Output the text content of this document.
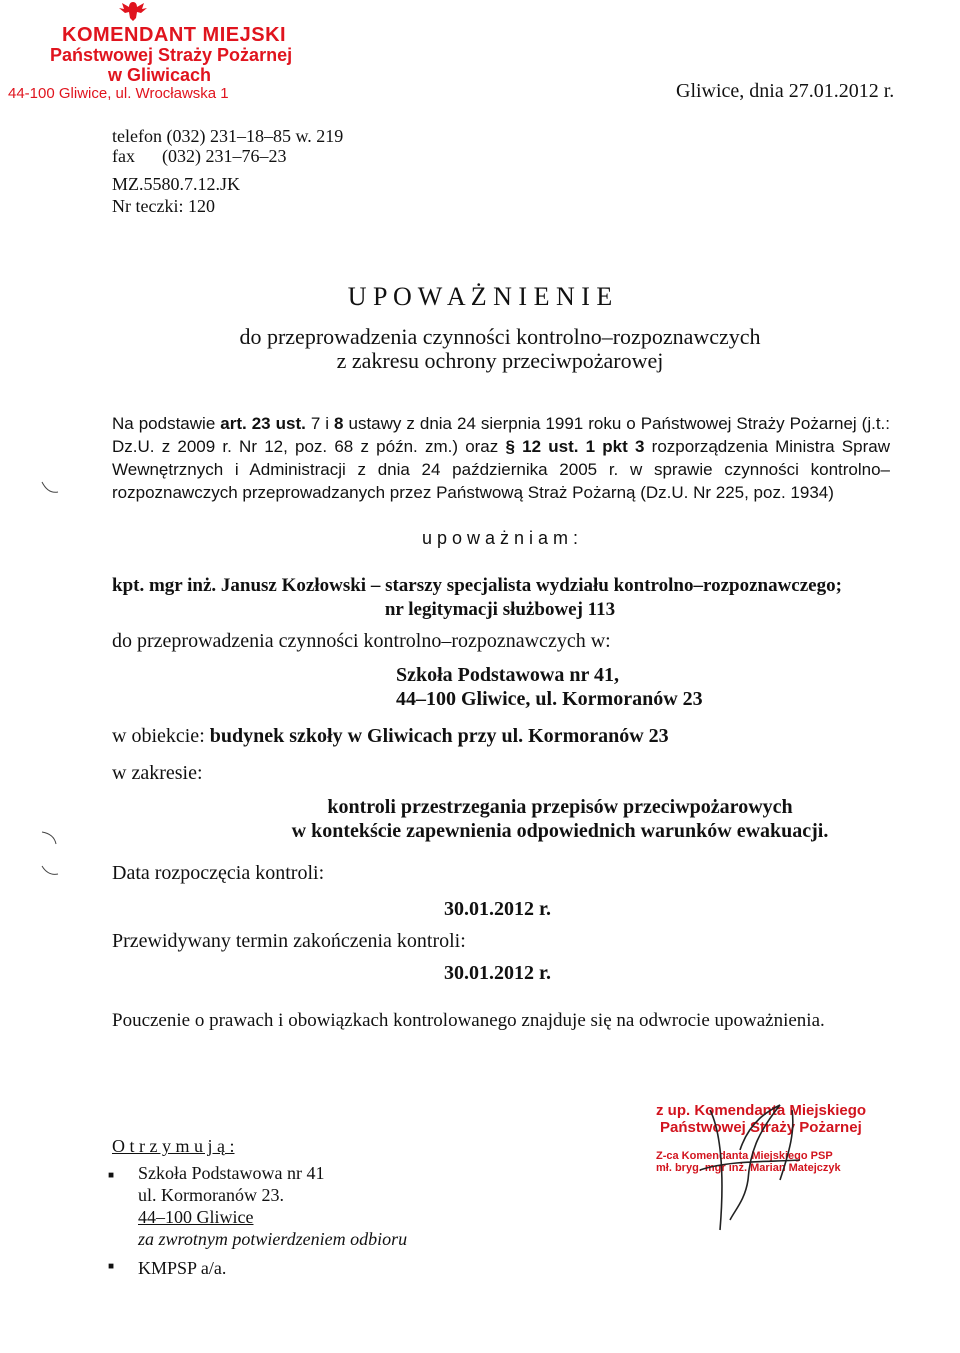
KOMENDANT MIEJSKI
Państwowej Straży Pożarnej
w Gliwicach
44-100 Gliwice, ul. Wrocławska 1	Gliwice, dnia 27.01.2012 r.
telefon (032) 231–18–85 w. 219
fax      (032) 231–76–23
MZ.5580.7.12.JK
Nr teczki: 120
U P O W A Ż N I E N I E
do przeprowadzenia czynności kontrolno–rozpoznawczych
z zakresu ochrony przeciwpożarowej
Na podstawie art. 23 ust. 7 i 8 ustawy z dnia 24 sierpnia 1991 roku o Państwowej Straży Pożarnej (j.t.: Dz.U. z 2009 r. Nr 12, poz. 68 z późn. zm.) oraz § 12 ust. 1 pkt 3 rozporządzenia Ministra Spraw Wewnętrznych i Administracji z dnia 24 października 2005 r. w sprawie czynności kontrolno–rozpoznawczych przeprowadzanych przez Państwową Straż Pożarną (Dz.U. Nr 225, poz. 1934)
u p o w a ż n i a m :
kpt. mgr inż. Janusz Kozłowski – starszy specjalista wydziału kontrolno–rozpoznawczego;
nr legitymacji służbowej 113
do przeprowadzenia czynności kontrolno–rozpoznawczych w:
Szkoła Podstawowa nr 41,
44–100 Gliwice, ul. Kormoranów 23
w obiekcie: budynek szkoły w Gliwicach przy ul. Kormoranów 23
w zakresie:
kontroli przestrzegania przepisów przeciwpożarowych
w kontekście zapewnienia odpowiednich warunków ewakuacji.
Data rozpoczęcia kontroli:
30.01.2012 r.
Przewidywany termin zakończenia kontroli:
30.01.2012 r.
Pouczenie o prawach i obowiązkach kontrolowanego znajduje się na odwrocie upoważnienia.
z up. Komendanta Miejskiego
Państwowej Straży Pożarnej
Z-ca Komendanta Miejskiego PSP
mł. bryg. mgr inż. Marian Matejczyk
O t r z y m u j ą :
■ Szkoła Podstawowa nr 41
ul. Kormoranów 23.
44–100 Gliwice
za zwrotnym potwierdzeniem odbioru
■ KMPSP a/a.
